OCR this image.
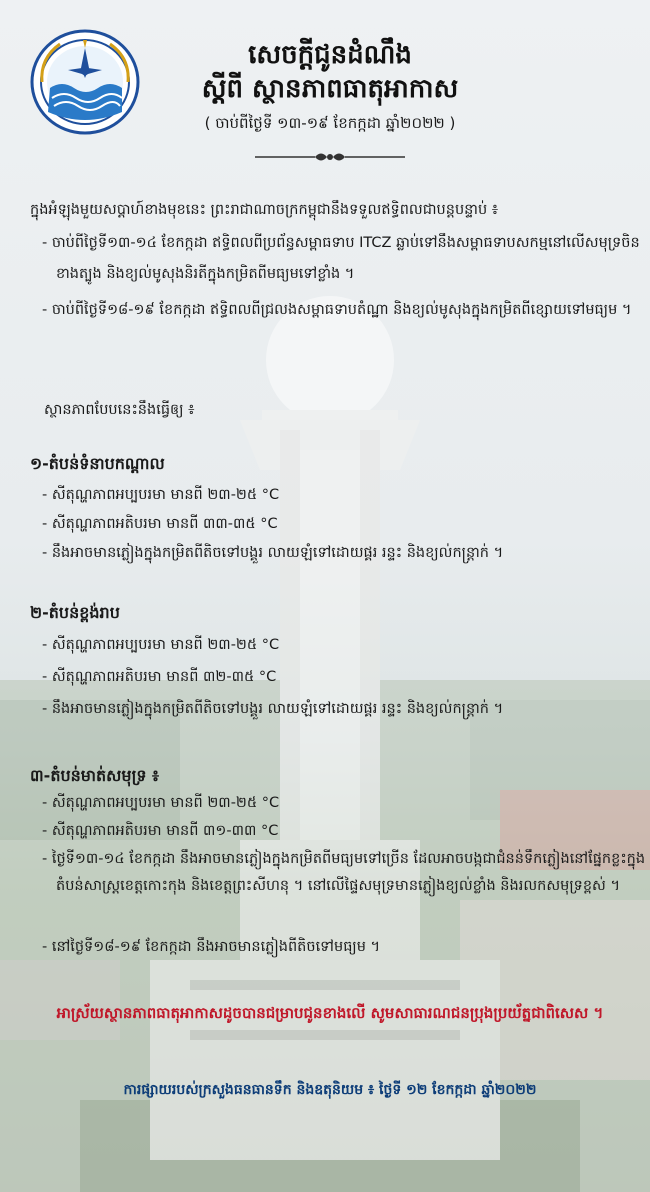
សេចក្តីជូនដំណឹង
ស្តីពី ស្ថានភាពធាតុអាកាស
( ចាប់ពីថ្ងៃទី ១៣-១៩ ខែកក្កដា ឆ្នាំ២០២២ )
ក្នុងអំឡុងមួយសប្តាហ៍ខាងមុខនេះ ព្រះរាជាណាចក្រកម្ពុជានឹងទទួលឥទ្ធិពលជាបន្តបន្ទាប់ ៖
- ចាប់ពីថ្ងៃទី១៣-១៤ ខែកក្កដា ឥទ្ធិពលពីប្រព័ន្ធសម្ពាធទាប ITCZ ឆ្លាប់ទៅនឹងសម្ពាធទាបសកម្មនៅលើសមុទ្រចិនខាងត្បូង និងខ្យល់មូសុងនិរតីក្នុងកម្រិតពីមធ្យមទៅខ្លាំង ។
- ចាប់ពីថ្ងៃទី១៨-១៩ ខែកក្កដា ឥទ្ធិពលពីជ្រលងសម្ពាធទាបតំណ្ឋា និងខ្យល់មូសុងក្នុងកម្រិតពីខ្សោយទៅមធ្យម ។
ស្ថានភាពបែបនេះនឹងធ្វើឲ្យ ៖
១-តំបន់ទំនាបកណ្ដាល
- សីតុណ្ហភាពអប្បបរមា មានពី ២៣-២៥ °C
- សីតុណ្ហភាពអតិបរមា មានពី ៣៣-៣៥ °C
- នឹងអាចមានភ្លៀងក្នុងកម្រិតពីតិចទៅបង្គួរ លាយឡំទៅដោយផ្គរ រន្ទះ និងខ្យល់កន្ត្រាក់ ។
២-តំបន់ខ្ពង់រាប
- សីតុណ្ហភាពអប្បបរមា មានពី ២៣-២៥ °C
- សីតុណ្ហភាពអតិបរមា មានពី ៣២-៣៥ °C
- នឹងអាចមានភ្លៀងក្នុងកម្រិតពីតិចទៅបង្គួរ លាយឡំទៅដោយផ្គរ រន្ទះ និងខ្យល់កន្ត្រាក់ ។
៣-តំបន់មាត់សមុទ្រ ៖
- សីតុណ្ហភាពអប្បបរមា មានពី ២៣-២៥ °C
- សីតុណ្ហភាពអតិបរមា មានពី ៣១-៣៣ °C
- ថ្ងៃទី១៣-១៤ ខែកក្កដា នឹងអាចមានភ្លៀងក្នុងកម្រិតពីមធ្យមទៅច្រើន ដែលអាចបង្កជាជំនន់ទឹកភ្លៀងនៅផ្នែកខ្លះក្នុងតំបន់សាស្ត្រខេត្តកោះកុង និងខេត្តព្រះសីហនុ ។ នៅលើផ្ទៃសមុទ្រមានភ្លៀងខ្យល់ខ្លាំង និងរលកសមុទ្រខ្ពស់ ។
- នៅថ្ងៃទី១៨-១៩ ខែកក្កដា នឹងអាចមានភ្លៀងពីតិចទៅមធ្យម ។
អាស្រ័យស្ថានភាពធាតុអាកាសដូចបានជម្រាបជូនខាងលើ សូមសាធារណជនប្រុងប្រយ័ត្នជាពិសេស ។
ការផ្សាយរបស់ក្រសួងធនធានទឹក និងឧតុនិយម ៖ ថ្ងៃទី ១២ ខែកក្កដា ឆ្នាំ២០២២
